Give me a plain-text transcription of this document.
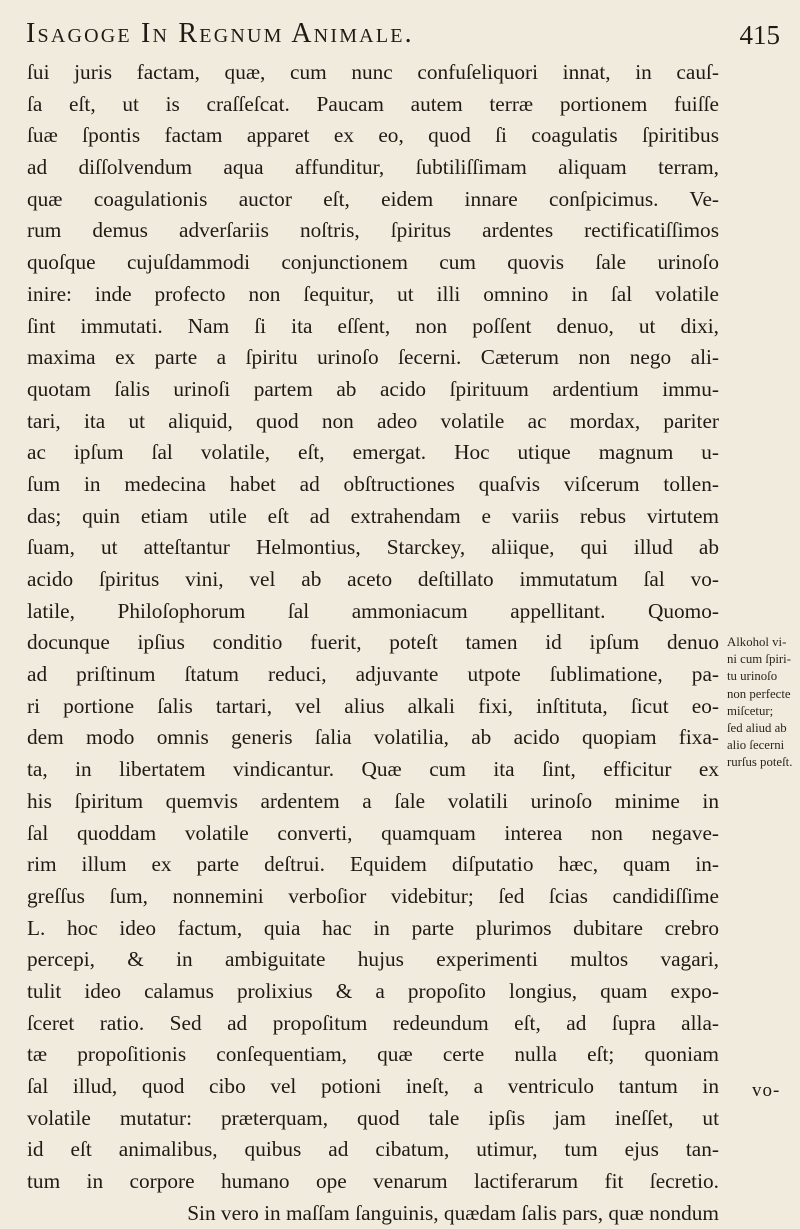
Isagoge In Regnum Animale.	415
ſui juris factam, quæ, cum nunc confuſeliquori innat, in cauſ-
ſa eſt, ut is craſſeſcat. Paucam autem terræ portionem fuiſſe
ſuæ ſpontis factam apparet ex eo, quod ſi coagulatis ſpiritibus
ad diſſolvendum aqua affunditur, ſubtiliſſimam aliquam terram,
quæ coagulationis auctor eſt, eidem innare conſpicimus. Ve-
rum demus adverſariis noſtris, ſpiritus ardentes rectificatiſſimos
quoſque cujuſdammodi conjunctionem cum quovis ſale urinoſo
inire: inde profecto non ſequitur, ut illi omnino in ſal volatile
ſint immutati. Nam ſi ita eſſent, non poſſent denuo, ut dixi,
maxima ex parte a ſpiritu urinoſo ſecerni. Cæterum non nego ali-
quotam ſalis urinoſi partem ab acido ſpirituum ardentium immu-
tari, ita ut aliquid, quod non adeo volatile ac mordax, pariter
ac ipſum ſal volatile, eſt, emergat. Hoc utique magnum u-
ſum in medecina habet ad obſtructiones quaſvis viſcerum tollen-
das; quin etiam utile eſt ad extrahendam e variis rebus virtutem
ſuam, ut atteſtantur Helmontius, Starckey, aliique, qui illud ab
acido ſpiritus vini, vel ab aceto deſtillato immutatum ſal vo-
latile, Philoſophorum ſal ammoniacum appellitant. Quomo-
docunque ipſius conditio fuerit, poteſt tamen id ipſum denuo
ad priſtinum ſtatum reduci, adjuvante utpote ſublimatione, pa-
ri portione ſalis tartari, vel alius alkali fixi, inſtituta, ſicut eo-
dem modo omnis generis ſalia volatilia, ab acido quopiam fixa-
ta, in libertatem vindicantur. Quæ cum ita ſint, efficitur ex
his ſpiritum quemvis ardentem a ſale volatili urinoſo minime in
ſal quoddam volatile converti, quamquam interea non negave-
rim illum ex parte deſtrui. Equidem diſputatio hæc, quam in-
greſſus ſum, nonnemini verboſior videbitur; ſed ſcias candidiſſime
L. hoc ideo factum, quia hac in parte plurimos dubitare crebro
percepi, & in ambiguitate hujus experimenti multos vagari,
tulit ideo calamus prolixius & a propoſito longius, quam expo-
ſceret ratio. Sed ad propoſitum redeundum eſt, ad ſupra alla-
tæ propoſitionis conſequentiam, quæ certe nulla eſt; quoniam
ſal illud, quod cibo vel potioni ineſt, a ventriculo tantum in
volatile mutatur: præterquam, quod tale ipſis jam ineſſet, ut
id eſt animalibus, quibus ad cibatum, utimur, tum ejus tan-
tum in corpore humano ope venarum lactiferarum fit ſecretio.
Sin vero in maſſam ſanguinis, quædam ſalis pars, quæ nondum
Alkohol vi-
ni cum ſpiri-
tu urinoſo
non perfecte
miſcetur;
ſed aliud ab
alio ſecerni
rurſus poteſt.
vo-
